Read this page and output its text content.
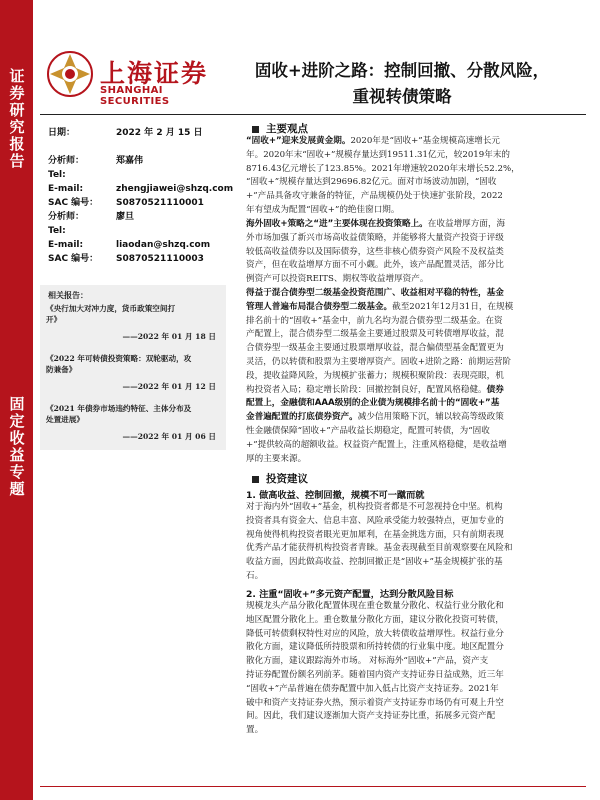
证券研究报告
固定收益专题
上海证券
SHANGHAI SECURITIES
固收+进阶之路：控制回撤、分散风险，
重视转债策略
日期：	2022 年 2 月 15 日
分析师：	郑嘉伟
Tel:
E-mail:	zhengjiawei@shzq.com
SAC 编号： S0870521110001
分析师：	廖旦
Tel:
E-mail:	liaodan@shzq.com
SAC 编号： S0870521110003
相关报告：
《央行加大对冲力度，货币政策空间打
开》
——2022 年 01 月 18 日
《2022 年可转债投资策略：双轮驱动，攻
防兼备》
——2022 年 01 月 12 日
《2021 年债券市场违约特征、主体分布及
处置进展》
——2022 年 01 月 06 日
主要观点
“固收+”迎来发展黄金期。2020年是“固收+”基金规模高速增长元
年。2020年末“固收+”规模存量达到19511.31亿元，较2019年末的
8716.43亿元增长了123.85%。2021年增速较2020年末增长52.2%，
“固收+”规模存量达到29696.82亿元。面对市场波动加剧，“固收
+”产品具备攻守兼备的特征，产品规模仍处于快速扩张阶段，2022
年有望成为配置“固收+”的绝佳窗口期。
海外固收+策略之“进”主要体现在投资策略上。在收益增厚方面，海
外市场加强了新兴市场高收益债策略，并能够将大量资产投资于评级
较低高收益债券以及国际债券，这些非核心债券资产风险不及权益类
资产，但在收益增厚方面不可小觑。此外，该产品配置灵活，部分比
例资产可以投资REITS、期权等收益增厚资产。
得益于混合债券型二级基金投资范围广、收益相对平稳的特性，基金
管理人普遍布局混合债券型二级基金。截至2021年12月31日，在规模
排名前十的“固收+”基金中，前九名均为混合债券型二级基金。在资
产配置上，混合债券型二级基金主要通过股票及可转债增厚收益，混
合债券型一级基金主要通过股票增厚收益，混合偏债型基金配置更为
灵活，仍以转债和股票为主要增厚资产。固收+进阶之路：前期运营阶
段，提收益降风险，为规模扩张蓄力；规模积聚阶段：表现亮眼，机
构投资者入局；稳定增长阶段：回撤控制良好，配置风格稳健。债券
配置上，金融债和AAA级别的企业债为规模排名前十的“固收+”基
金普遍配置的打底债券资产。减少信用策略下沉，辅以较高等级政策
性金融债保障“固收+”产品收益长期稳定，配置可转债，为“固收
+”提供较高的超额收益。权益资产配置上，注重风格稳健，是收益增
厚的主要来源。
投资建议
1. 做高收益、控制回撤，规模不可一蹴而就
对于海内外“固收+”基金，机构投资者都是不可忽视持仓中坚。机构
投资者具有资金大、信息丰富、风险承受能力较强特点，更加专业的
视角使得机构投资者眼光更加犀利，在基金挑选方面，只有前期表现
优秀产品才能获得机构投资者青睐。基金表现截至目前观察要在风险和
收益方面，因此做高收益、控制回撤正是“固收+”基金规模扩张的基
石。
2. 注重“固收+”多元资产配置，达到分散风险目标
规模龙头产品分散化配置体现在重仓数量分散化、权益行业分散化和
地区配置分散化上。重仓数量分散化方面，建议分散化投资可转债，
降低可转债剩权特性对应的风险，放大转债收益增厚性。权益行业分
散化方面，建议降低所持股票和所持转债的行业集中度。地区配置分
散化方面，建议跟踪海外市场。 对标海外“固收+”产品，资产支
持证券配置份额名列前茅。随着国内资产支持证券日益成熟，近三年
“固收+”产品普遍在债券配置中加入低占比资产支持证券。2021年
破中和资产支持证券火热，预示着资产支持证券市场仍有可观上升空
间。因此，我们建议逐渐加大资产支持证券比重，拓展多元资产配
置。
